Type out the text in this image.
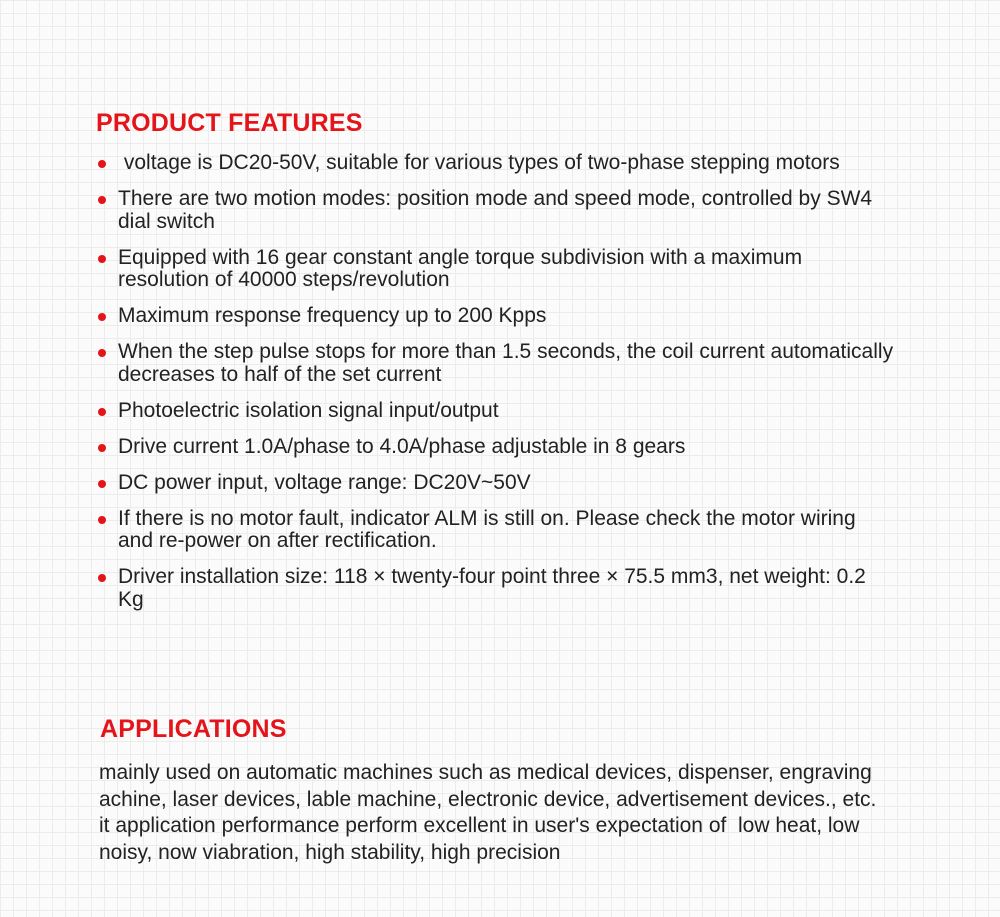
PRODUCT FEATURES
voltage is DC20-50V, suitable for various types of two-phase stepping motors
There are two motion modes: position mode and speed mode, controlled by SW4 dial switch
Equipped with 16 gear constant angle torque subdivision with a maximum resolution of 40000 steps/revolution
Maximum response frequency up to 200 Kpps
When the step pulse stops for more than 1.5 seconds, the coil current automatically decreases to half of the set current
Photoelectric isolation signal input/output
Drive current 1.0A/phase to 4.0A/phase adjustable in 8 gears
DC power input, voltage range: DC20V~50V
If there is no motor fault, indicator ALM is still on. Please check the motor wiring and re-power on after rectification.
Driver installation size: 118 × twenty-four point three × 75.5 mm3, net weight: 0.2 Kg
APPLICATIONS

mainly used on automatic machines such as medical devices, dispenser, engraving
achine, laser devices, lable machine, electronic device, advertisement devices., etc.
it application performance perform excellent in user's expectation of  low heat, low
noisy, now viabration, high stability, high precision
